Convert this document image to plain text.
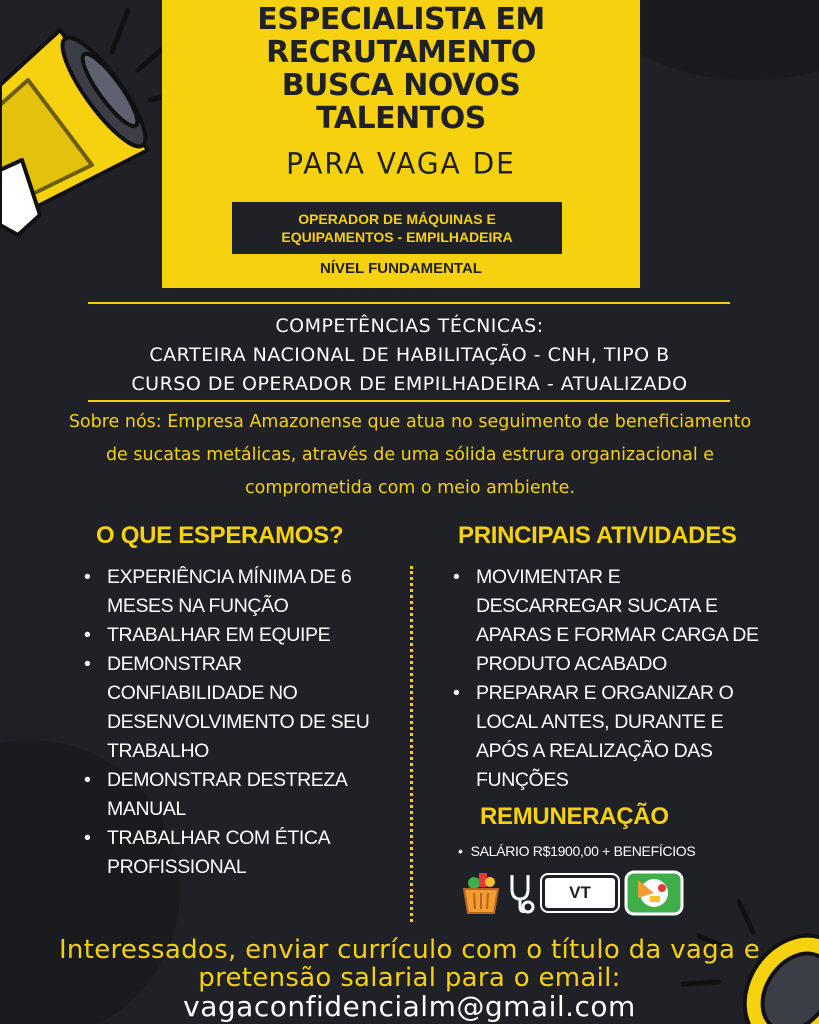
ESPECIALISTA EM
RECRUTAMENTO
BUSCA NOVOS
TALENTOS
PARA VAGA DE
OPERADOR DE MÁQUINAS E
EQUIPAMENTOS - EMPILHADEIRA
NÍVEL FUNDAMENTAL
COMPETÊNCIAS TÉCNICAS:
CARTEIRA NACIONAL DE HABILITAÇÃO - CNH, TIPO B
CURSO DE OPERADOR DE EMPILHADEIRA - ATUALIZADO
Sobre nós: Empresa Amazonense que atua no seguimento de beneficiamento de sucatas metálicas, através de uma sólida estrura organizacional e comprometida com o meio ambiente.
O QUE ESPERAMOS?
• EXPERIÊNCIA MÍNIMA DE 6 MESES NA FUNÇÃO
• TRABALHAR EM EQUIPE
• DEMONSTRAR CONFIABILIDADE NO DESENVOLVIMENTO DE SEU TRABALHO
• DEMONSTRAR DESTREZA MANUAL
• TRABALHAR COM ÉTICA PROFISSIONAL
PRINCIPAIS ATIVIDADES
• MOVIMENTAR E DESCARREGAR SUCATA E APARAS E FORMAR CARGA DE PRODUTO ACABADO
• PREPARAR E ORGANIZAR O LOCAL ANTES, DURANTE E APÓS A REALIZAÇÃO DAS FUNÇÕES
REMUNERAÇÃO
• SALÁRIO R$1900,00 + BENEFÍCIOS
VT
Interessados, enviar currículo com o título da vaga e pretensão salarial para o email:
vagaconfidencialm@gmail.com
